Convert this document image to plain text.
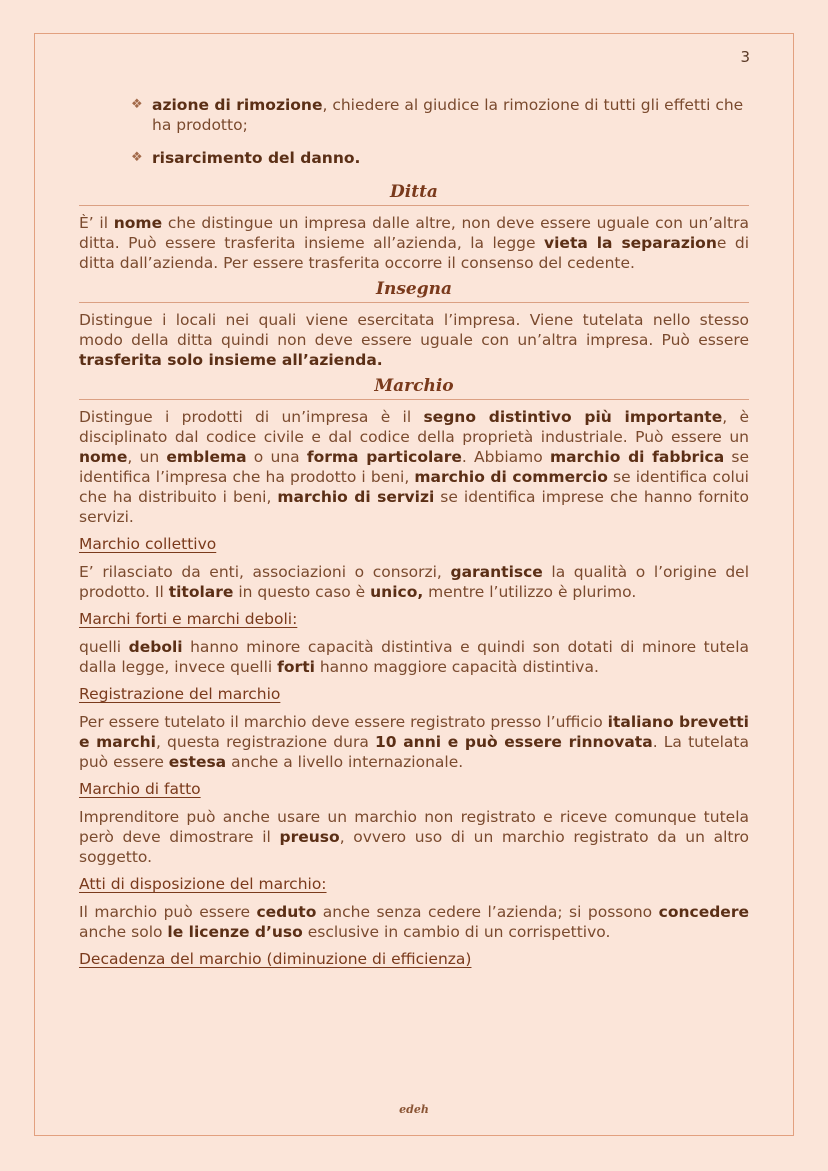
3
❖ azione di rimozione, chiedere al giudice la rimozione di tutti gli effetti che ha prodotto;
❖ risarcimento del danno.
Ditta

È’ il nome che distingue un impresa dalle altre, non deve essere uguale con un’altra ditta. Può essere trasferita insieme all’azienda, la legge vieta la separazione di ditta dall’azienda. Per essere trasferita occorre il consenso del cedente.

Insegna

Distingue i locali nei quali viene esercitata l’impresa. Viene tutelata nello stesso modo della ditta quindi non deve essere uguale con un’altra impresa. Può essere trasferita solo insieme all’azienda.

Marchio

Distingue i prodotti di un’impresa è il segno distintivo più importante, è disciplinato dal codice civile e dal codice della proprietà industriale. Può essere un nome, un emblema o una forma particolare. Abbiamo marchio di fabbrica se identifica l’impresa che ha prodotto i beni, marchio di commercio se identifica colui che ha distribuito i beni, marchio di servizi se identifica imprese che hanno fornito servizi.

Marchio collettivo

E’ rilasciato da enti, associazioni o consorzi, garantisce la qualità o l’origine del prodotto. Il titolare in questo caso è unico, mentre l’utilizzo è plurimo.

Marchi forti e marchi deboli:

quelli deboli hanno minore capacità distintiva e quindi son dotati di minore tutela dalla legge, invece quelli forti hanno maggiore capacità distintiva.

Registrazione del marchio

Per essere tutelato il marchio deve essere registrato presso l’ufficio italiano brevetti e marchi, questa registrazione dura 10 anni e può essere rinnovata. La tutelata può essere estesa anche a livello internazionale.

Marchio di fatto

Imprenditore può anche usare un marchio non registrato e riceve comunque tutela però deve dimostrare il preuso, ovvero uso di un marchio registrato da un altro soggetto.

Atti di disposizione del marchio:

Il marchio può essere ceduto anche senza cedere l’azienda; si possono concedere anche solo le licenze d’uso esclusive in cambio di un corrispettivo.

Decadenza del marchio (diminuzione di efficienza)
edeh
